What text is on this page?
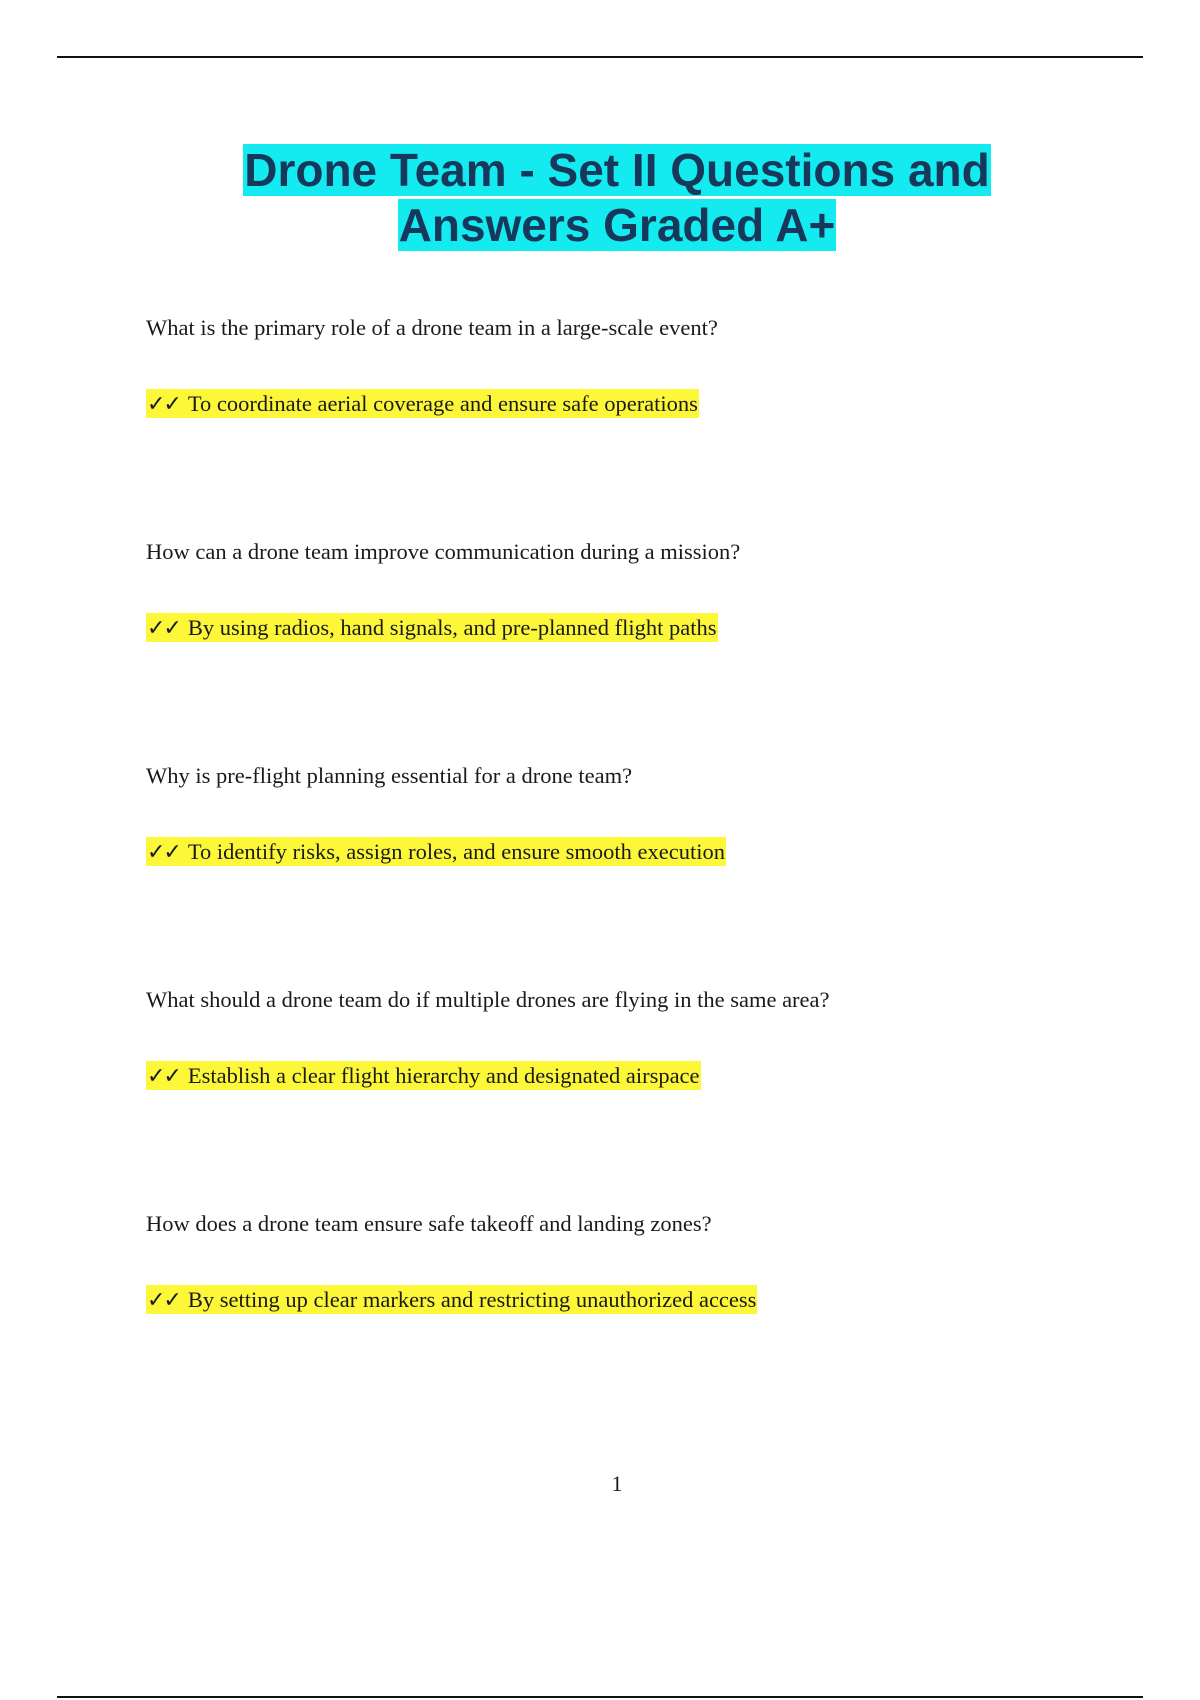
Drone Team - Set II Questions and
Answers Graded A+
What is the primary role of a drone team in a large-scale event?
✓✓ To coordinate aerial coverage and ensure safe operations
How can a drone team improve communication during a mission?
✓✓ By using radios, hand signals, and pre-planned flight paths
Why is pre-flight planning essential for a drone team?
✓✓ To identify risks, assign roles, and ensure smooth execution
What should a drone team do if multiple drones are flying in the same area?
✓✓ Establish a clear flight hierarchy and designated airspace
How does a drone team ensure safe takeoff and landing zones?
✓✓ By setting up clear markers and restricting unauthorized access
1
